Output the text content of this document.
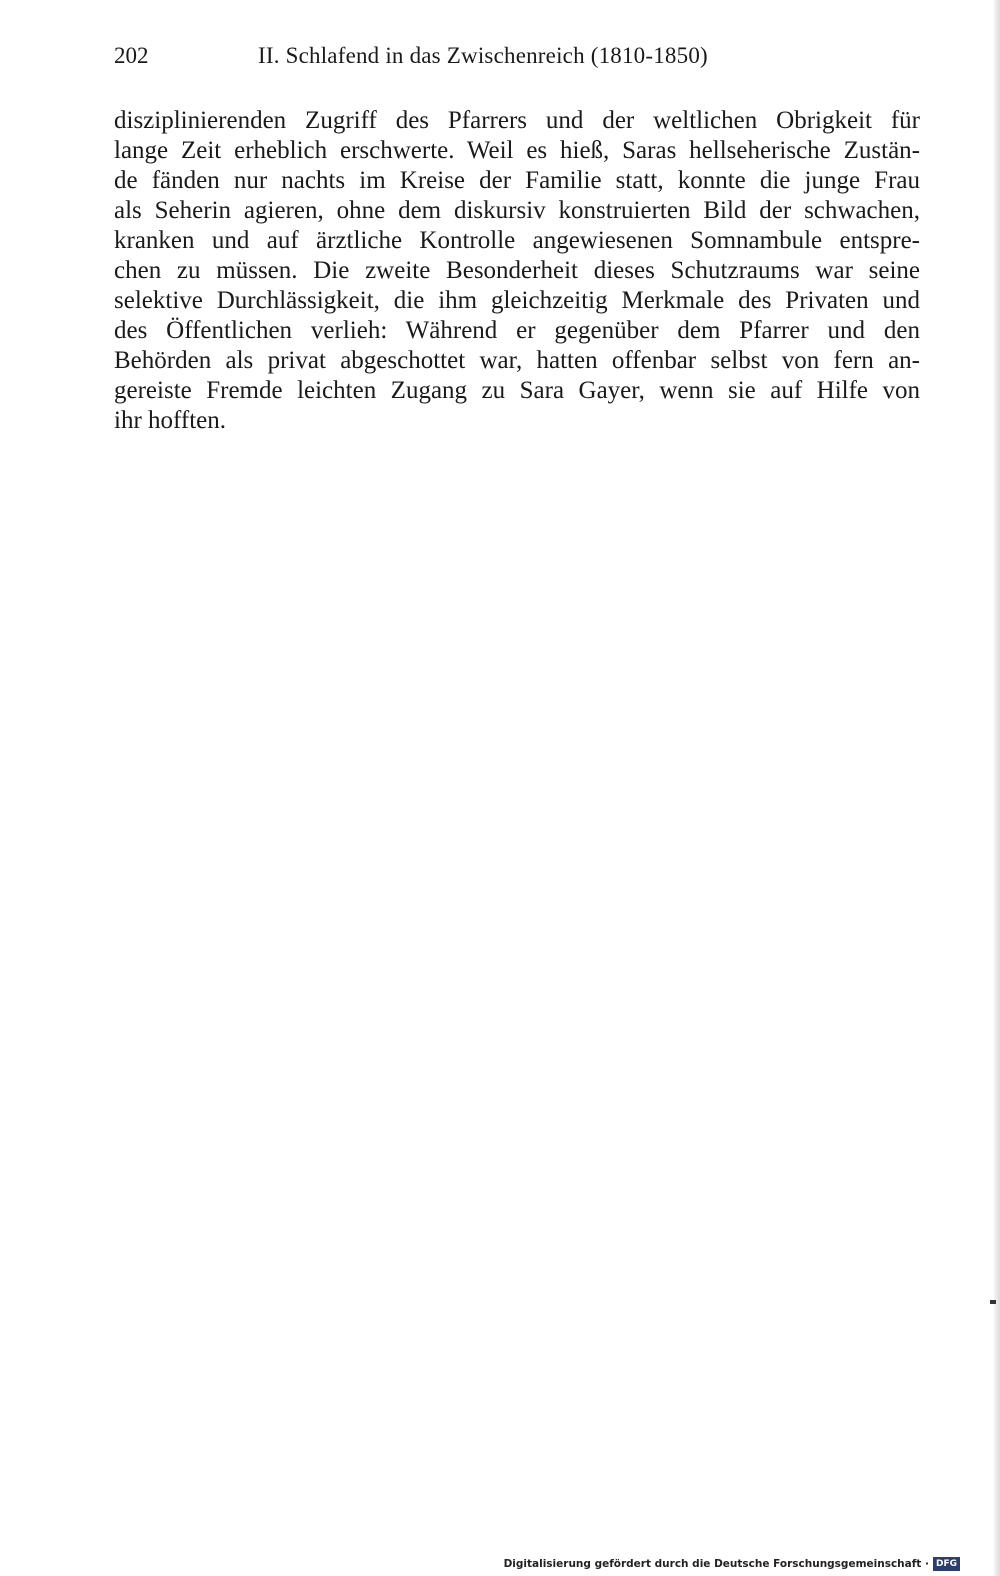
202	II. Schlafend in das Zwischenreich (1810-1850)

disziplinierenden Zugriff des Pfarrers und der weltlichen Obrigkeit für
lange Zeit erheblich erschwerte. Weil es hieß, Saras hellseherische Zustän-
de fänden nur nachts im Kreise der Familie statt, konnte die junge Frau
als Seherin agieren, ohne dem diskursiv konstruierten Bild der schwachen,
kranken und auf ärztliche Kontrolle angewiesenen Somnambule entspre-
chen zu müssen. Die zweite Besonderheit dieses Schutzraums war seine
selektive Durchlässigkeit, die ihm gleichzeitig Merkmale des Privaten und
des Öffentlichen verlieh: Während er gegenüber dem Pfarrer und den
Behörden als privat abgeschottet war, hatten offenbar selbst von fern an-
gereiste Fremde leichten Zugang zu Sara Gayer, wenn sie auf Hilfe von
ihr hofften.

Digitalisierung gefördert durch die Deutsche Forschungsgemeinschaft · DFG
